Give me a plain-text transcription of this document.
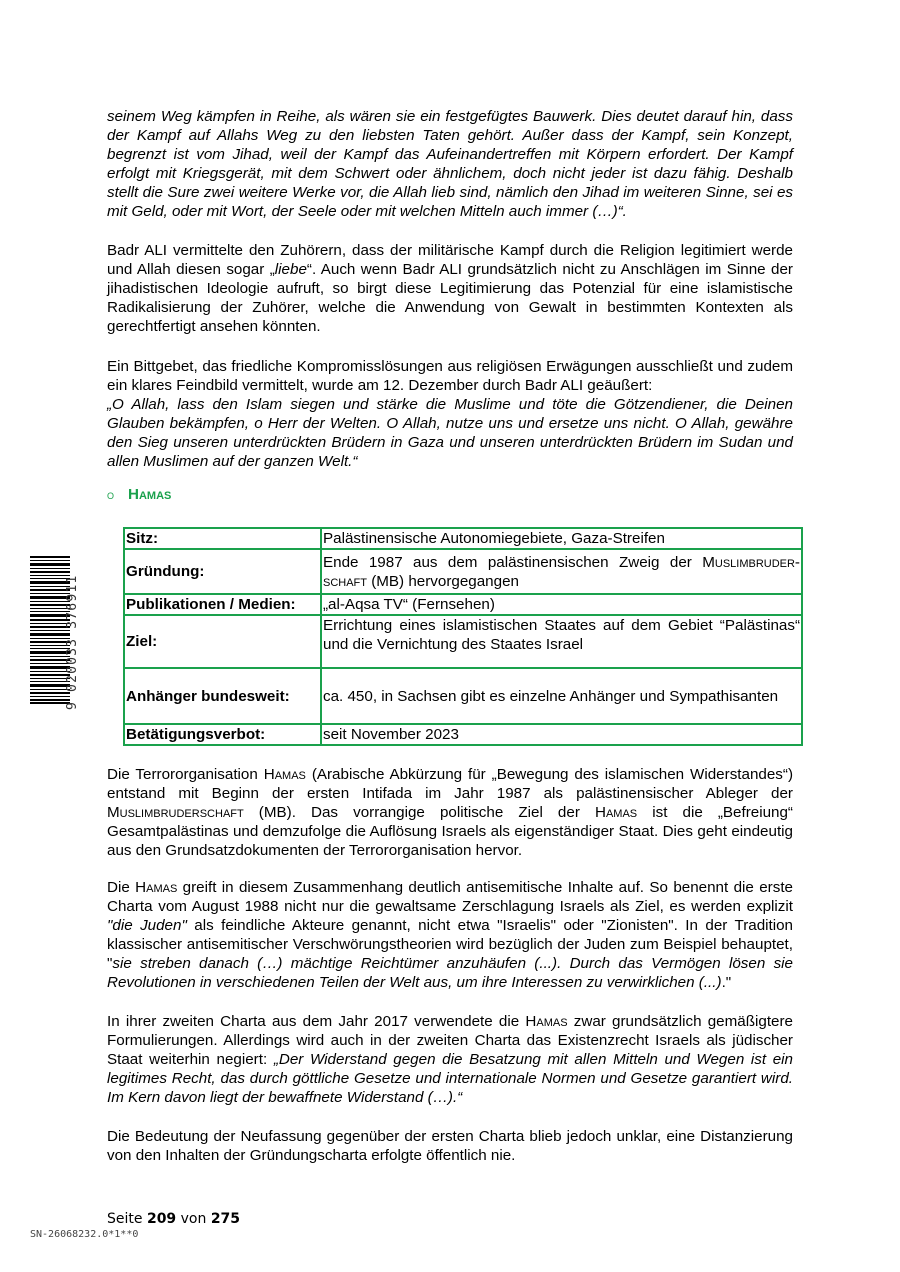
seinem Weg kämpfen in Reihe, als wären sie ein festgefügtes Bauwerk. Dies deutet darauf hin, dass der Kampf auf Allahs Weg zu den liebsten Taten gehört. Außer dass der Kampf, sein Konzept, begrenzt ist vom Jihad, weil der Kampf das Aufeinandertreffen mit Körpern erfordert. Der Kampf erfolgt mit Kriegsgerät, mit dem Schwert oder ähnlichem, doch nicht jeder ist dazu fähig. Deshalb stellt die Sure zwei weitere Werke vor, die Allah lieb sind, nämlich den Jihad im weiteren Sinne, sei es mit Geld, oder mit Wort, der Seele oder mit welchen Mitteln auch immer (…)“.

Badr ALI vermittelte den Zuhörern, dass der militärische Kampf durch die Religion legitimiert werde und Allah diesen sogar „liebe“. Auch wenn Badr ALI grundsätzlich nicht zu Anschlägen im Sinne der jihadistischen Ideologie aufruft, so birgt diese Legitimierung das Potenzial für eine islamistische Radikalisierung der Zuhörer, welche die Anwendung von Gewalt in bestimmten Kontexten als gerechtfertigt ansehen könnten.

Ein Bittgebet, das friedliche Kompromisslösungen aus religiösen Erwägungen ausschließt und zudem ein klares Feindbild vermittelt, wurde am 12. Dezember durch Badr ALI geäußert:

„O Allah, lass den Islam siegen und stärke die Muslime und töte die Götzendiener, die Deinen Glauben bekämpfen, o Herr der Welten. O Allah, nutze uns und ersetze uns nicht. O Allah, gewähre den Sieg unseren unterdrückten Brüdern in Gaza und unseren unterdrückten Brüdern im Sudan und allen Muslimen auf der ganzen Welt.“

o Hamas
Sitz:	Palästinensische Autonomiegebiete, Gaza-Streifen
Gründung:	Ende 1987 aus dem palästinensischen Zweig der Muslimbruder-schaft (MB) hervorgegangen
Publikationen / Medien:	„al-Aqsa TV“ (Fernsehen)
Ziel:	Errichtung eines islamistischen Staates auf dem Gebiet “Palästinas“ und die Vernichtung des Staates Israel
Anhänger bundesweit:	ca. 450, in Sachsen gibt es einzelne Anhänger und Sympathisanten
Betätigungsverbot:	seit November 2023

Die Terrororganisation Hamas (Arabische Abkürzung für „Bewegung des islamischen Widerstandes“) entstand mit Beginn der ersten Intifada im Jahr 1987 als palästinensischer Ableger der Muslimbruderschaft (MB). Das vorrangige politische Ziel der Hamas ist die „Befreiung“ Gesamtpalästinas und demzufolge die Auflösung Israels als eigenständiger Staat. Dies geht eindeutig aus den Grundsatzdokumenten der Terrororganisation hervor.

Die Hamas greift in diesem Zusammenhang deutlich antisemitische Inhalte auf. So benennt die erste Charta vom August 1988 nicht nur die gewaltsame Zerschlagung Israels als Ziel, es werden explizit "die Juden" als feindliche Akteure genannt, nicht etwa "Israelis" oder "Zionisten". In der Tradition klassischer antisemitischer Verschwörungstheorien wird bezüglich der Juden zum Beispiel behauptet, "sie streben danach (…) mächtige Reichtümer anzuhäufen (...). Durch das Vermögen lösen sie Revolutionen in verschiedenen Teilen der Welt aus, um ihre Interessen zu verwirklichen (...)."

In ihrer zweiten Charta aus dem Jahr 2017 verwendete die Hamas zwar grundsätzlich gemäßigtere Formulierungen. Allerdings wird auch in der zweiten Charta das Existenzrecht Israels als jüdischer Staat weiterhin negiert: „Der Widerstand gegen die Besatzung mit allen Mitteln und Wegen ist ein legitimes Recht, das durch göttliche Gesetze und internationale Normen und Gesetze garantiert wird. Im Kern davon liegt der bewaffnete Widerstand (…).“

Die Bedeutung der Neufassung gegenüber der ersten Charta blieb jedoch unklar, eine Distanzierung von den Inhalten der Gründungscharta erfolgte öffentlich nie.

9 020033 376911
Seite 209 von 275
SN-26068232.0*1**0
